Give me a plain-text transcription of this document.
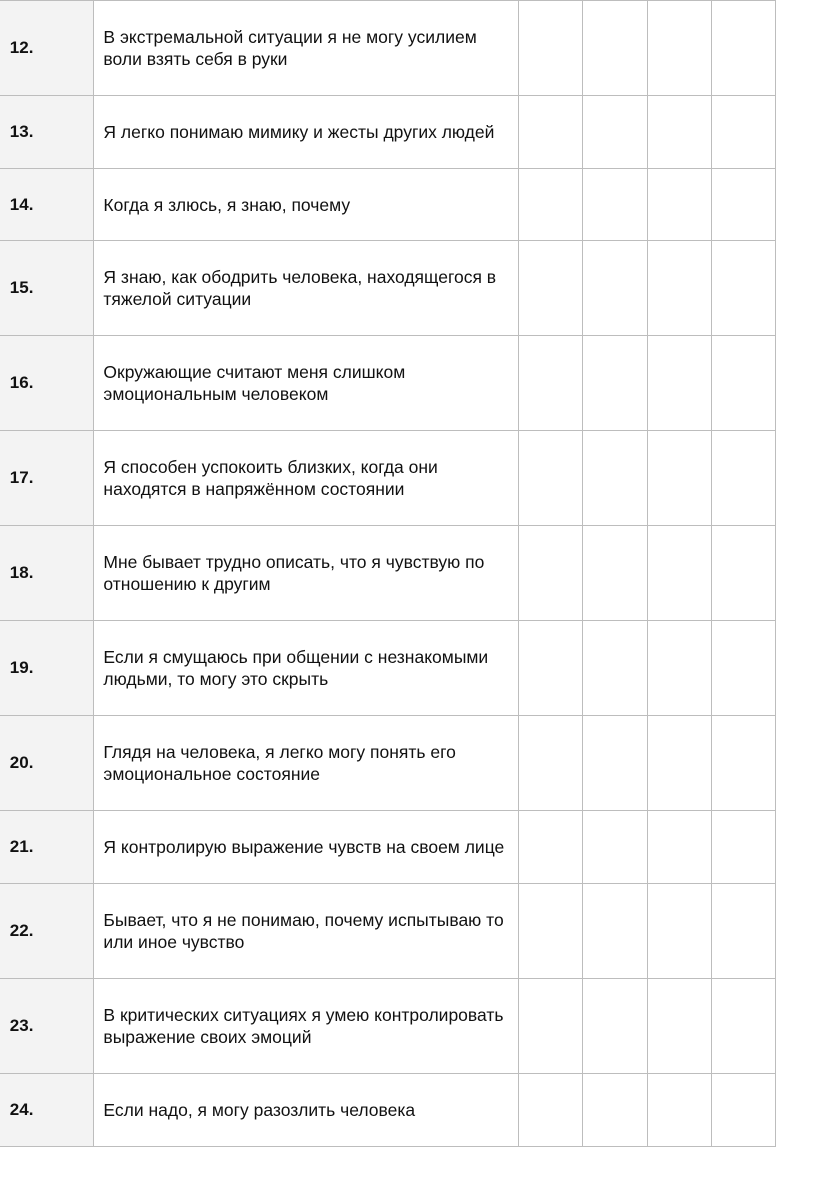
12.	В экстремальной ситуации я не могу усилием воли взять себя в руки				
13.	Я легко понимаю мимику и жесты других людей				
14.	Когда я злюсь, я знаю, почему				
15.	Я знаю, как ободрить человека, находящегося в тяжелой ситуации				
16.	Окружающие считают меня слишком эмоциональным человеком				
17.	Я способен успокоить близких, когда они находятся в напряжённом состоянии				
18.	Мне бывает трудно описать, что я чувствую по отношению к другим				
19.	Если я смущаюсь при общении с незнакомыми людьми, то могу это скрыть				
20.	Глядя на человека, я легко могу понять его эмоциональное состояние				
21.	Я контролирую выражение чувств на своем лице				
22.	Бывает, что я не понимаю, почему испытываю то или иное чувство				
23.	В критических ситуациях я умею контролировать выражение своих эмоций				
24.	Если надо, я могу разозлить человека				
